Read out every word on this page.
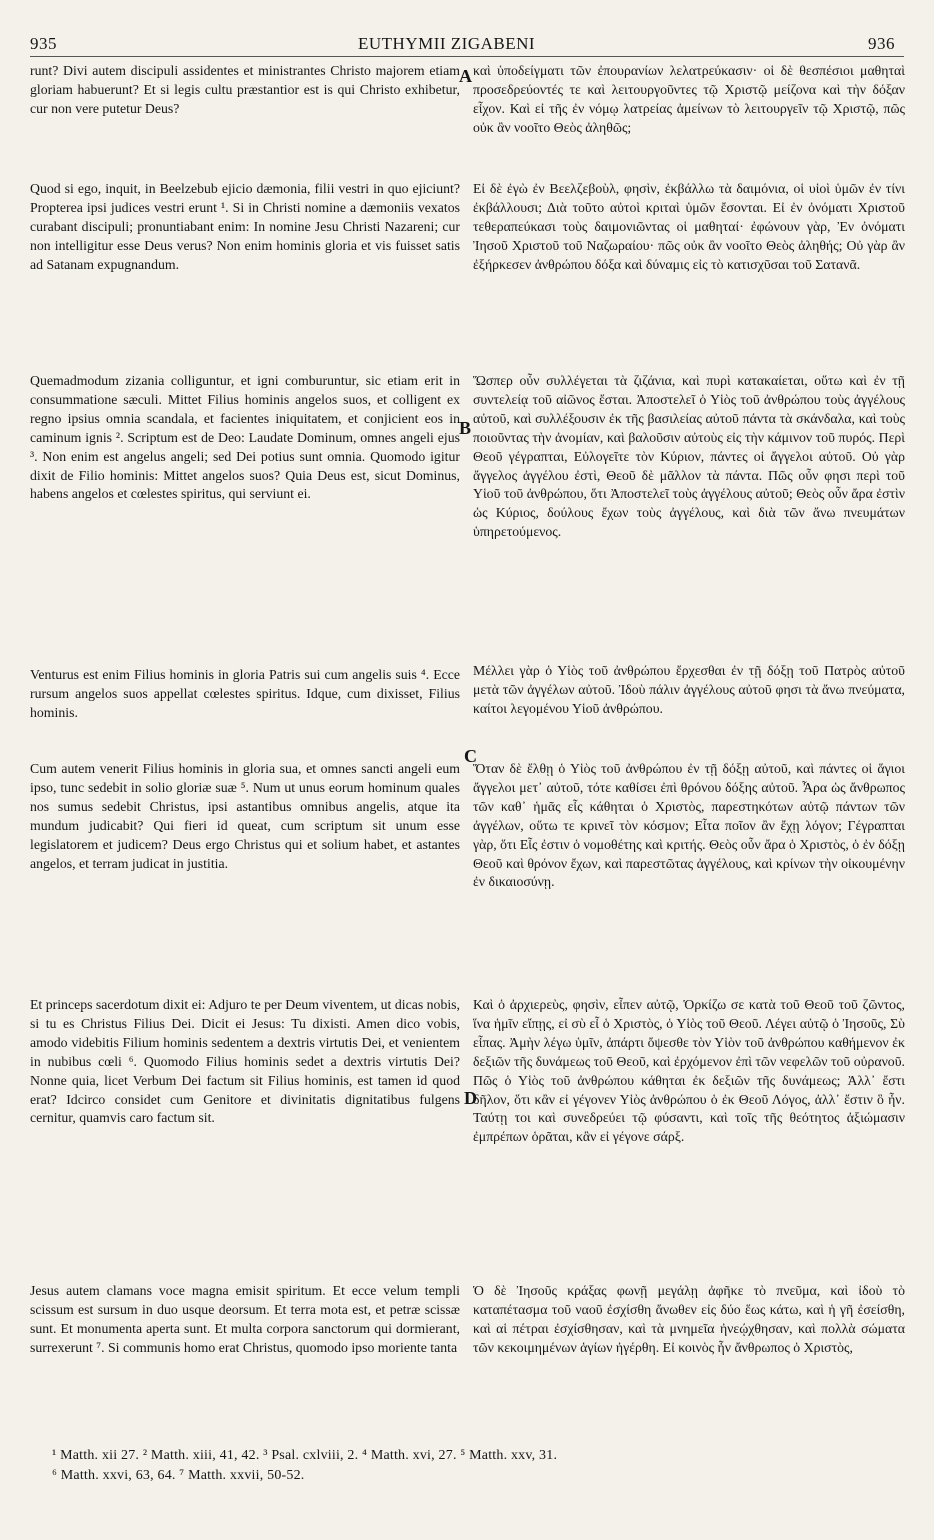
935	EUTHYMII ZIGABENI	936

runt? Divi autem discipuli assidentes et ministrantes Christo majorem etiam gloriam habuerunt? Et si legis cultu præstantior est is qui Christo exhibetur, cur non vere putetur Deus?

Quod si ego, inquit, in Beelzebub ejicio dæmonia, filii vestri in quo ejiciunt? Propterea ipsi judices vestri erunt ¹. Si in Christi nomine a dæmoniis vexatos curabant discipuli; pronuntiabant enim: In nomine Jesu Christi Nazareni; cur non intelligitur esse Deus verus? Non enim hominis gloria et vis fuisset satis ad Satanam expugnandum.

Quemadmodum zizania colliguntur, et igni comburuntur, sic etiam erit in consummatione sæculi. Mittet Filius hominis angelos suos, et colligent ex regno ipsius omnia scandala, et facientes iniquitatem, et conjicient eos in caminum ignis ². Scriptum est de Deo: Laudate Dominum, omnes angeli ejus ³. Non enim est angelus angeli; sed Dei potius sunt omnia. Quomodo igitur dixit de Filio hominis: Mittet angelos suos? Quia Deus est, sicut Dominus, habens angelos et cœlestes spiritus, qui serviunt ei.

Venturus est enim Filius hominis in gloria Patris sui cum angelis suis ⁴. Ecce rursum angelos suos appellat cœlestes spiritus. Idque, cum dixisset, Filius hominis.

Cum autem venerit Filius hominis in gloria sua, et omnes sancti angeli eum ipso, tunc sedebit in solio gloriæ suæ ⁵. Num ut unus eorum hominum quales nos sumus sedebit Christus, ipsi astantibus omnibus angelis, atque ita mundum judicabit? Qui fieri id queat, cum scriptum sit unum esse legislatorem et judicem? Deus ergo Christus qui et solium habet, et astantes angelos, et terram judicat in justitia.

Et princeps sacerdotum dixit ei: Adjuro te per Deum viventem, ut dicas nobis, si tu es Christus Filius Dei. Dicit ei Jesus: Tu dixisti. Amen dico vobis, amodo videbitis Filium hominis sedentem a dextris virtutis Dei, et venientem in nubibus cœli ⁶. Quomodo Filius hominis sedet a dextris virtutis Dei? Nonne quia, licet Verbum Dei factum sit Filius hominis, est tamen id quod erat? Idcirco considet cum Genitore et divinitatis dignitatibus fulgens cernitur, quamvis caro factum sit.

Jesus autem clamans voce magna emisit spiritum. Et ecce velum templi scissum est sursum in duo usque deorsum. Et terra mota est, et petræ scissæ sunt. Et monumenta aperta sunt. Et multa corpora sanctorum qui dormierant, surrexerunt ⁷. Si communis homo erat Christus, quomodo ipso moriente tanta

καὶ ὑποδείγματι τῶν ἐπουρανίων λελατρεύκασιν· οἱ δὲ θεσπέσιοι μαθηταὶ προσεδρεύοντές τε καὶ λειτουργοῦντες τῷ Χριστῷ μείζονα καὶ τὴν δόξαν εἶχον. Καὶ εἰ τῆς ἐν νόμῳ λατρείας ἀμείνων τὸ λειτουργεῖν τῷ Χριστῷ, πῶς οὐκ ἂν νοοῖτο Θεὸς ἀληθῶς;

Εἰ δὲ ἐγὼ ἐν Βεελζεβοὺλ, φησὶν, ἐκβάλλω τὰ δαιμόνια, οἱ υἱοὶ ὑμῶν ἐν τίνι ἐκβάλλουσι; Διὰ τοῦτο αὐτοὶ κριταὶ ὑμῶν ἔσονται. Εἰ ἐν ὀνόματι Χριστοῦ τεθεραπεύκασι τοὺς δαιμονιῶντας οἱ μαθηταί· ἐφώνουν γὰρ, Ἐν ὀνόματι Ἰησοῦ Χριστοῦ τοῦ Ναζωραίου· πῶς οὐκ ἂν νοοῖτο Θεὸς ἀληθής; Οὐ γὰρ ἂν ἐξήρκεσεν ἀνθρώπου δόξα καὶ δύναμις εἰς τὸ κατισχῦσαι τοῦ Σατανᾶ.

Ὥσπερ οὖν συλλέγεται τὰ ζιζάνια, καὶ πυρὶ κατακαίεται, οὕτω καὶ ἐν τῇ συντελείᾳ τοῦ αἰῶνος ἔσται. Ἀποστελεῖ ὁ Υἱὸς τοῦ ἀνθρώπου τοὺς ἀγγέλους αὐτοῦ, καὶ συλλέξουσιν ἐκ τῆς βασιλείας αὐτοῦ πάντα τὰ σκάνδαλα, καὶ τοὺς ποιοῦντας τὴν ἀνομίαν, καὶ βαλοῦσιν αὐτοὺς εἰς τὴν κάμινον τοῦ πυρός. Περὶ Θεοῦ γέγραπται, Εὐλογεῖτε τὸν Κύριον, πάντες οἱ ἄγγελοι αὐτοῦ. Οὐ γὰρ ἄγγελος ἀγγέλου ἐστὶ, Θεοῦ δὲ μᾶλλον τὰ πάντα. Πῶς οὖν φησι περὶ τοῦ Υἱοῦ τοῦ ἀνθρώπου, ὅτι Ἀποστελεῖ τοὺς ἀγγέλους αὐτοῦ; Θεὸς οὖν ἄρα ἐστὶν ὡς Κύριος, δούλους ἔχων τοὺς ἀγγέλους, καὶ διὰ τῶν ἄνω πνευμάτων ὑπηρετούμενος.

Μέλλει γὰρ ὁ Υἱὸς τοῦ ἀνθρώπου ἔρχεσθαι ἐν τῇ δόξῃ τοῦ Πατρὸς αὐτοῦ μετὰ τῶν ἀγγέλων αὐτοῦ. Ἰδοὺ πάλιν ἀγγέλους αὐτοῦ φησι τὰ ἄνω πνεύματα, καίτοι λεγομένου Υἱοῦ ἀνθρώπου.

Ὅταν δὲ ἔλθῃ ὁ Υἱὸς τοῦ ἀνθρώπου ἐν τῇ δόξῃ αὐτοῦ, καὶ πάντες οἱ ἅγιοι ἄγγελοι μετ᾽ αὐτοῦ, τότε καθίσει ἐπὶ θρόνου δόξης αὐτοῦ. Ἆρα ὡς ἄνθρωπος τῶν καθ᾽ ἡμᾶς εἷς κάθηται ὁ Χριστὸς, παρεστηκότων αὐτῷ πάντων τῶν ἀγγέλων, οὕτω τε κρινεῖ τὸν κόσμον; Εἶτα ποῖον ἂν ἔχῃ λόγον; Γέγραπται γὰρ, ὅτι Εἷς ἐστιν ὁ νομοθέτης καὶ κριτής. Θεὸς οὖν ἄρα ὁ Χριστὸς, ὁ ἐν δόξῃ Θεοῦ καὶ θρόνον ἔχων, καὶ παρεστῶτας ἀγγέλους, καὶ κρίνων τὴν οἰκουμένην ἐν δικαιοσύνῃ.

Καὶ ὁ ἀρχιερεὺς, φησὶν, εἶπεν αὐτῷ, Ὁρκίζω σε κατὰ τοῦ Θεοῦ τοῦ ζῶντος, ἵνα ἡμῖν εἴπῃς, εἰ σὺ εἶ ὁ Χριστὸς, ὁ Υἱὸς τοῦ Θεοῦ. Λέγει αὐτῷ ὁ Ἰησοῦς, Σὺ εἶπας. Ἀμὴν λέγω ὑμῖν, ἀπάρτι ὄψεσθε τὸν Υἱὸν τοῦ ἀνθρώπου καθήμενον ἐκ δεξιῶν τῆς δυνάμεως τοῦ Θεοῦ, καὶ ἐρχόμενον ἐπὶ τῶν νεφελῶν τοῦ οὐρανοῦ. Πῶς ὁ Υἱὸς τοῦ ἀνθρώπου κάθηται ἐκ δεξιῶν τῆς δυνάμεως; Ἀλλ᾽ ἔστι δῆλον, ὅτι κἂν εἰ γέγονεν Υἱὸς ἀνθρώπου ὁ ἐκ Θεοῦ Λόγος, ἀλλ᾽ ἔστιν ὃ ἦν. Ταύτῃ τοι καὶ συνεδρεύει τῷ φύσαντι, καὶ τοῖς τῆς θεότητος ἀξιώμασιν ἐμπρέπων ὁρᾶται, κἂν εἰ γέγονε σάρξ.

Ὁ δὲ Ἰησοῦς κράξας φωνῇ μεγάλῃ ἀφῆκε τὸ πνεῦμα, καὶ ἰδοὺ τὸ καταπέτασμα τοῦ ναοῦ ἐσχίσθη ἄνωθεν εἰς δύο ἕως κάτω, καὶ ἡ γῆ ἐσείσθη, καὶ αἱ πέτραι ἐσχίσθησαν, καὶ τὰ μνημεῖα ἠνεῴχθησαν, καὶ πολλὰ σώματα τῶν κεκοιμημένων ἁγίων ἠγέρθη. Εἰ κοινὸς ἦν ἄνθρωπος ὁ Χριστὸς,

A
B
C
D
¹ Matth. xii 27. ² Matth. xiii, 41, 42. ³ Psal. cxlviii, 2. ⁴ Matth. xvi, 27. ⁵ Matth. xxv, 31.
⁶ Matth. xxvi, 63, 64. ⁷ Matth. xxvii, 50-52.
